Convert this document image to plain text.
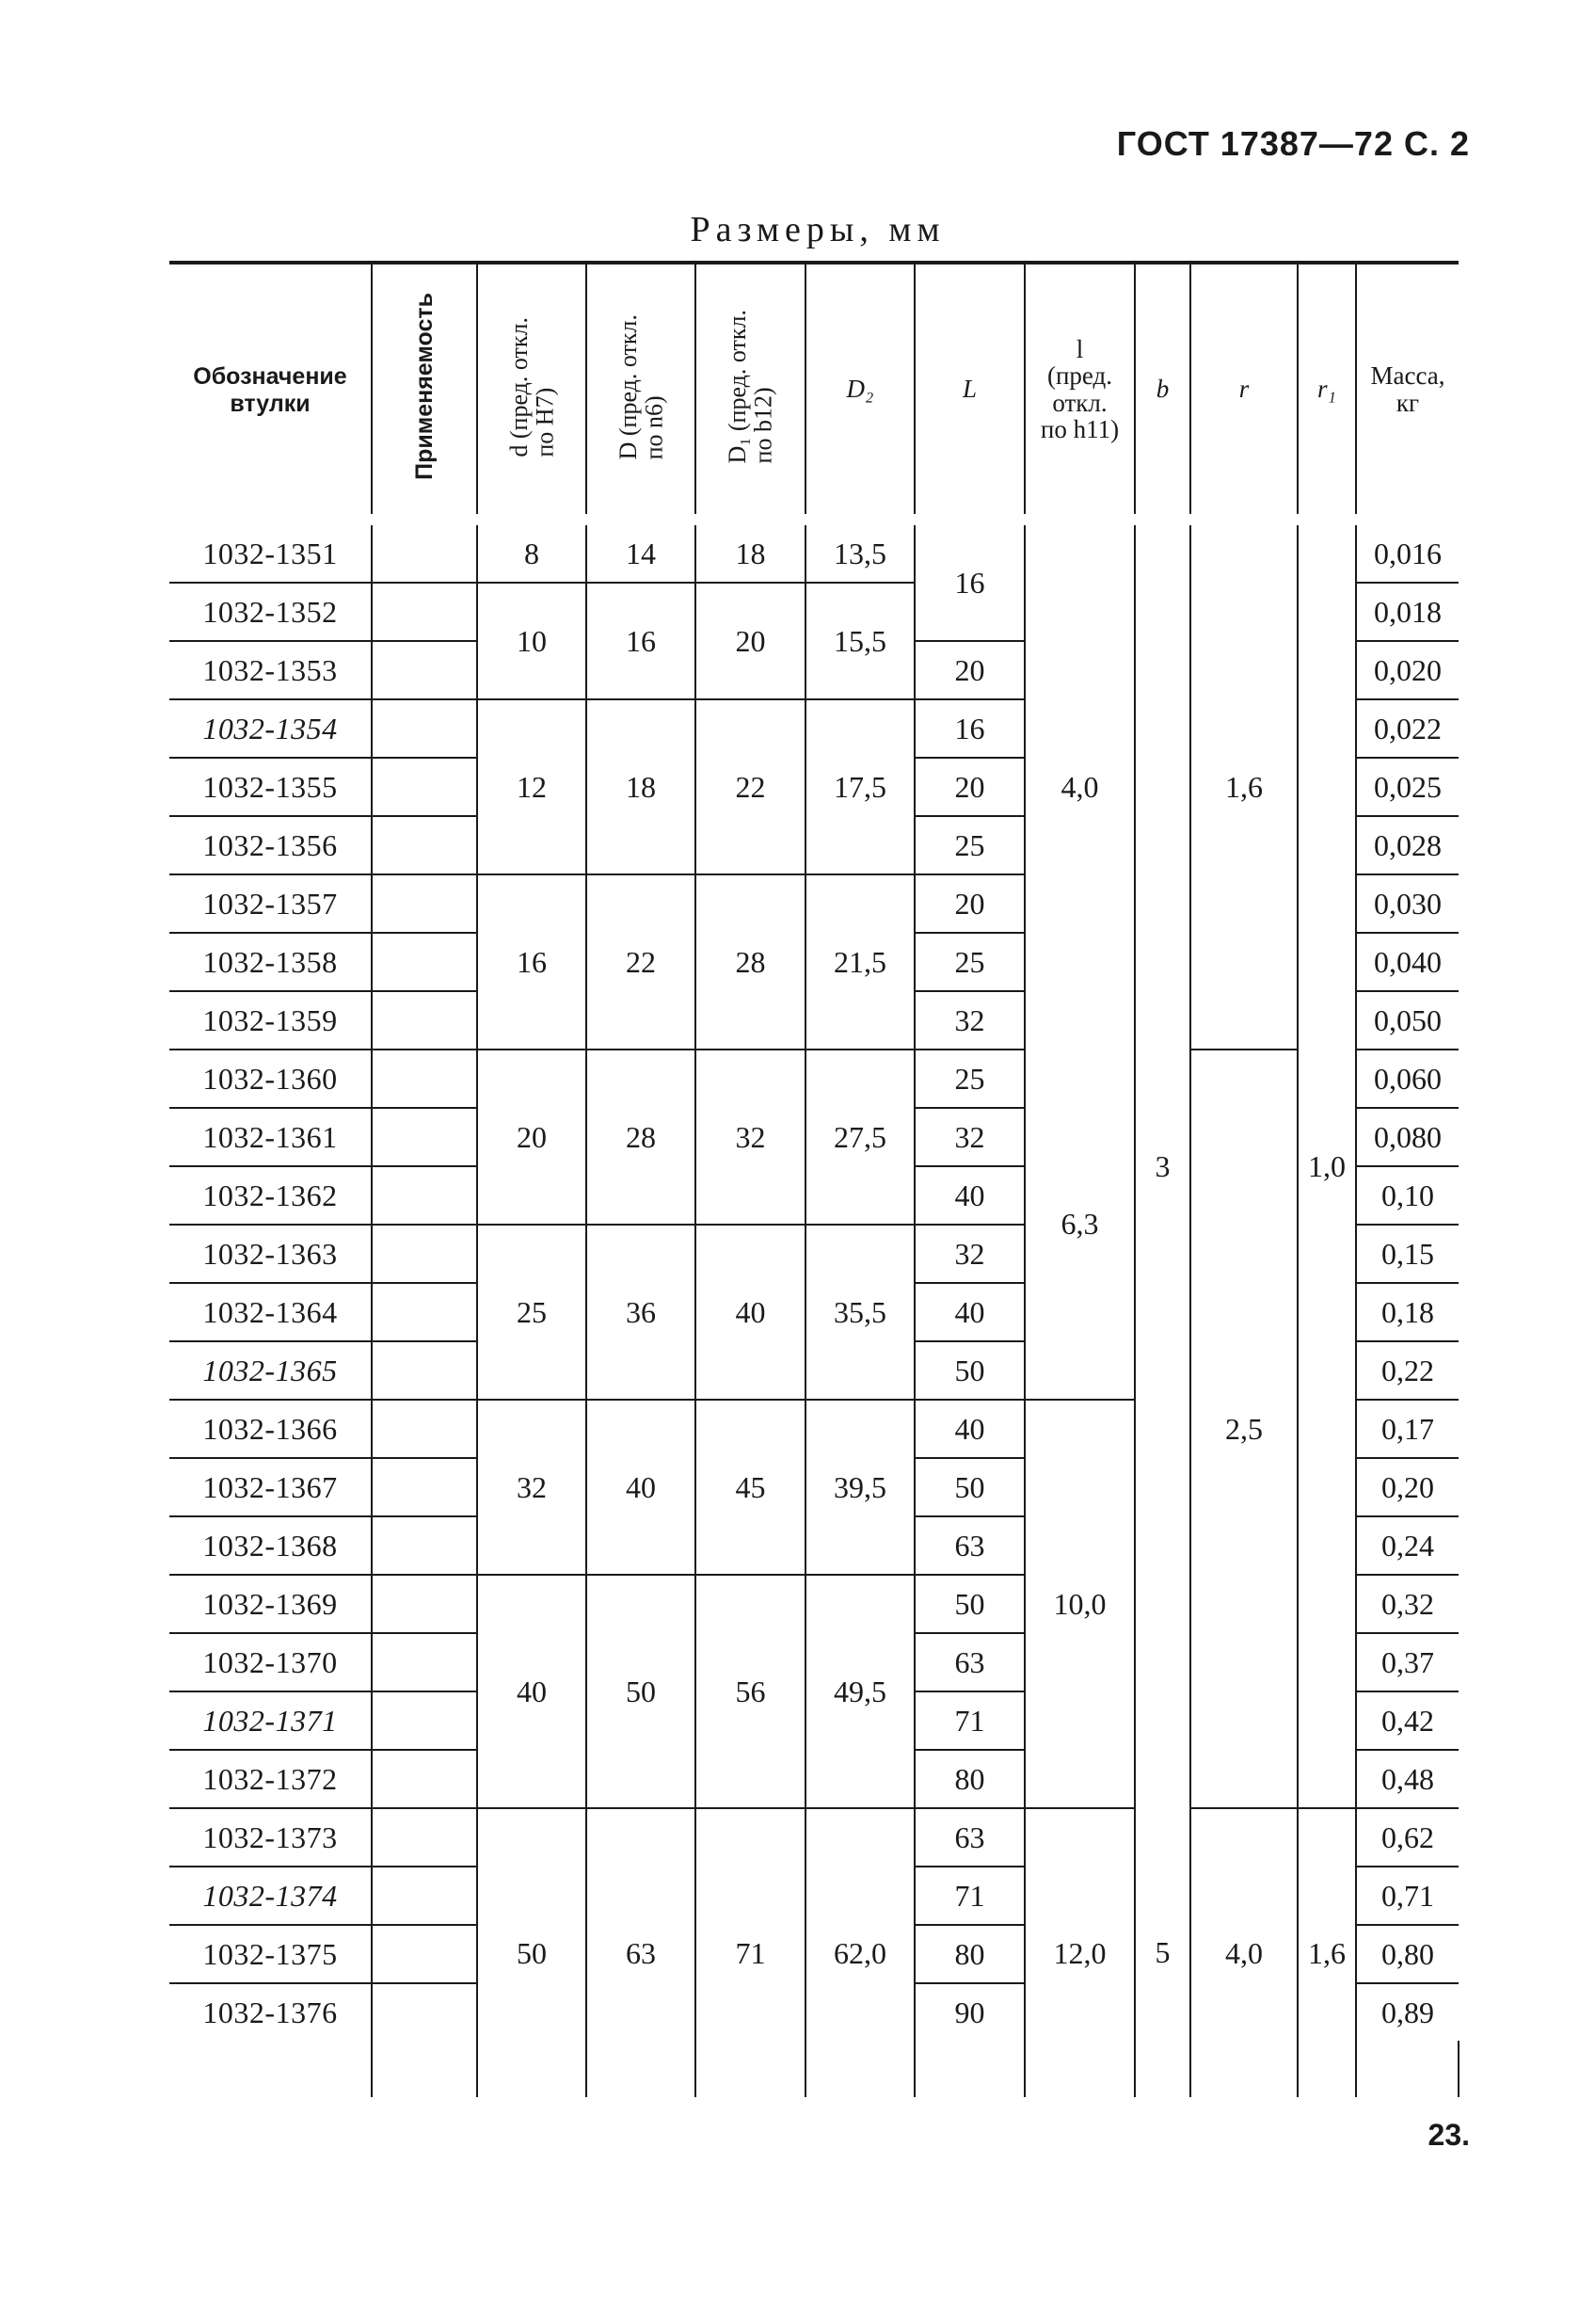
ГОСТ 17387—72 С. 2
Размеры, мм
Обозначение втулки	Применяемость	d (пред. откл.
по H7)	D (пред. откл.
по n6)	D₁ (пред. откл.
по b12)	D₂	L	l
(пред.
откл.
по h11)	b	r	r₁	Масса,
кг	
1032-1351		8	14	18	13,5	16	4,0	3	1,6	1,0	0,016	
1032-1352		10	16	20	15,5						0,018	
1032-1353						20					0,020	
1032-1354		12	18	22	17,5	16					0,022	
1032-1355						20					0,025	
1032-1356						25					0,028	
1032-1357		16	22	28	21,5	20					0,030	
1032-1358						25					0,040	
1032-1359						32					0,050	
1032-1360		20	28	32	27,5	25	6,3		2,5		0,060	
1032-1361						32					0,080	
1032-1362						40					0,10	
1032-1363		25	36	40	35,5	32					0,15	
1032-1364						40					0,18	
1032-1365						50					0,22	
1032-1366		32	40	45	39,5	40	10,0				0,17	
1032-1367						50					0,20	
1032-1368						63					0,24	
1032-1369		40	50	56	49,5	50					0,32	
1032-1370						63					0,37	
1032-1371						71					0,42	
1032-1372						80					0,48	
1032-1373		50	63	71	62,0	63	12,0	5	4,0	1,6	0,62	
1032-1374						71					0,71	
1032-1375						80					0,80	
1032-1376						90					0,89	

23.
